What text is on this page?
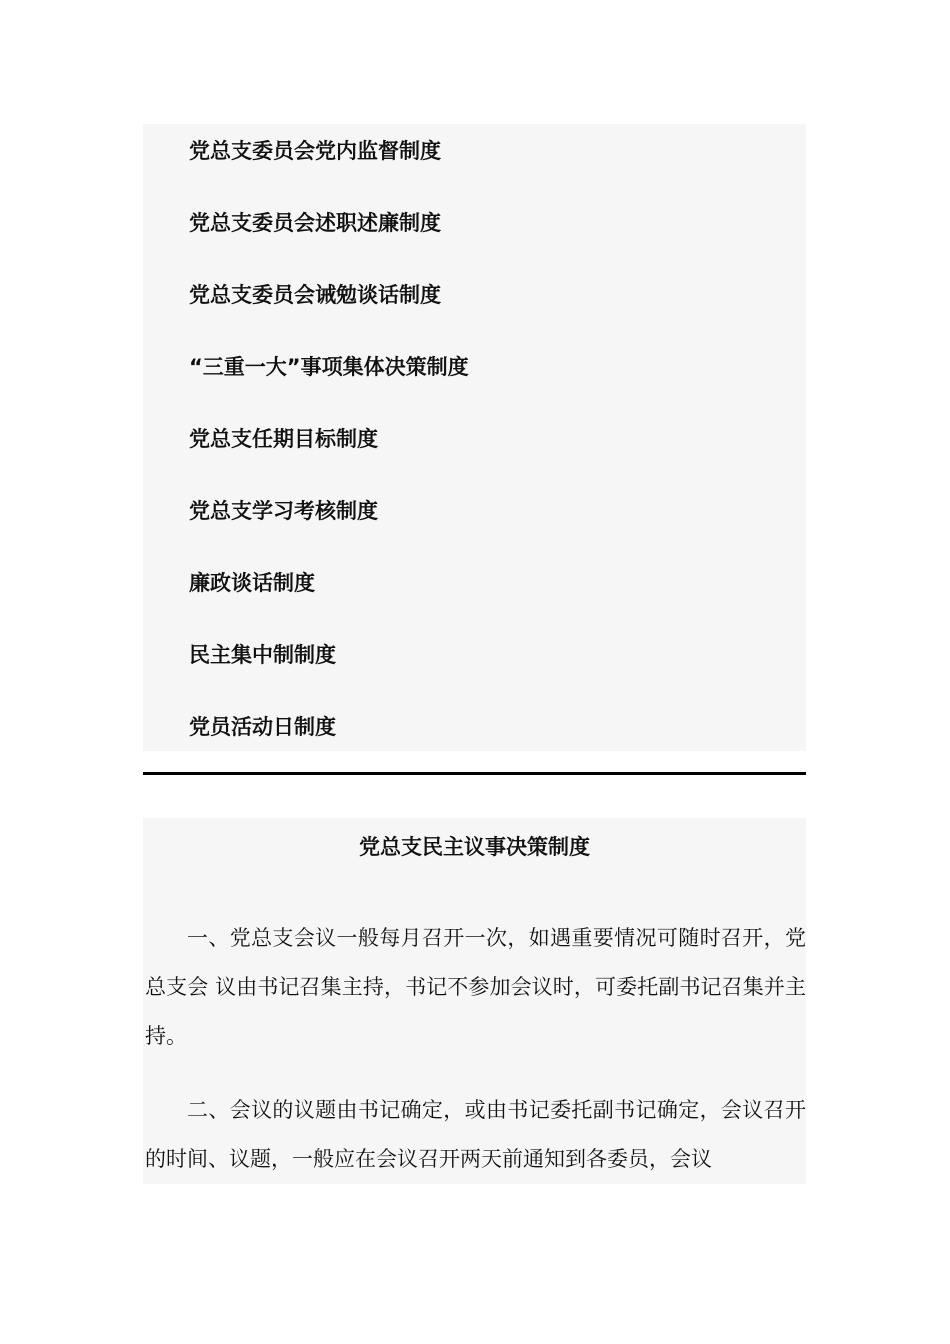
党总支委员会党内监督制度
党总支委员会述职述廉制度
党总支委员会诫勉谈话制度
“三重一大”事项集体决策制度
党总支任期目标制度
党总支学习考核制度
廉政谈话制度
民主集中制制度
党员活动日制度
党总支民主议事决策制度

一、党总支会议一般每月召开一次，如遇重要情况可随时召开，党总支会 议由书记召集主持，书记不参加会议时，可委托副书记召集并主持。

二、会议的议题由书记确定，或由书记委托副书记确定，会议召开的时间、议题，一般应在会议召开两天前通知到各委员，会议
